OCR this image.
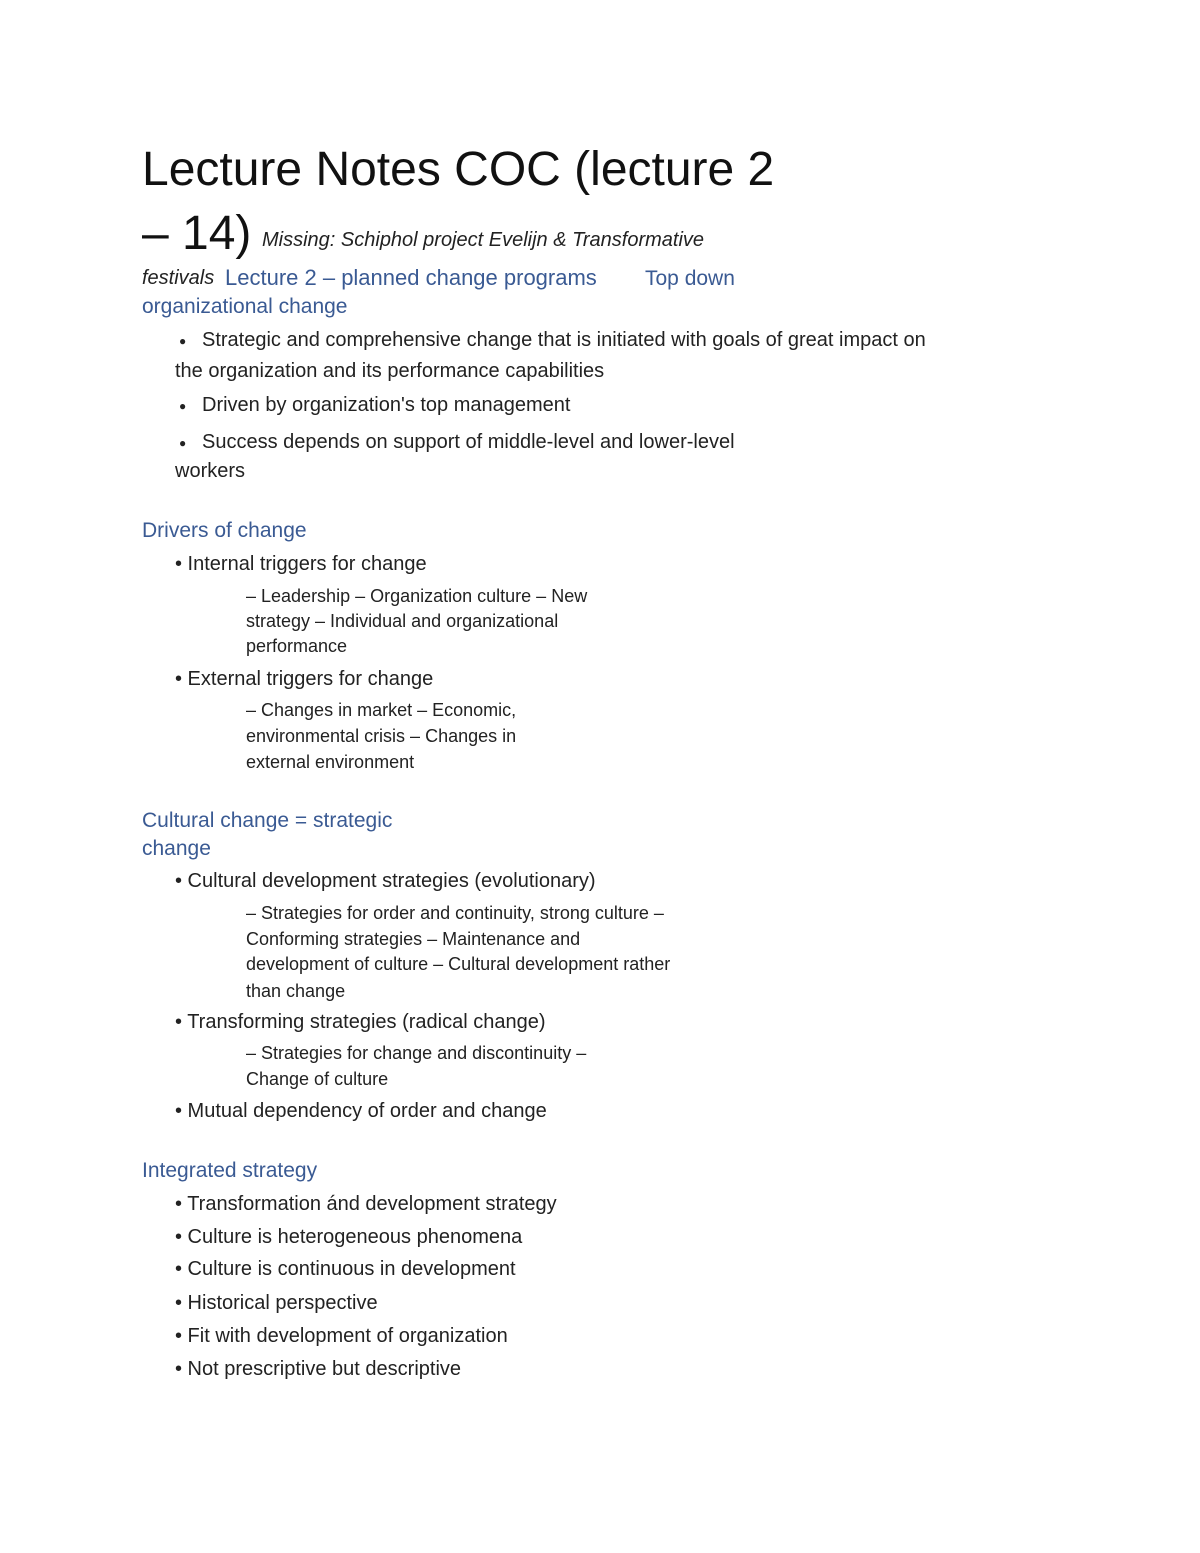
Lecture Notes COC (lecture 2
– 14) Missing: Schiphol project Evelijn & Transformative
festivals Lecture 2 – planned change programs Top down
organizational change
● Strategic and comprehensive change that is initiated with goals of great impact on
the organization and its performance capabilities
● Driven by organization's top management
● Success depends on support of middle-level and lower-level
workers
Drivers of change
• Internal triggers for change
– Leadership – Organization culture – New
strategy – Individual and organizational
performance
• External triggers for change
– Changes in market – Economic,
environmental crisis – Changes in
external environment
Cultural change = strategic
change
• Cultural development strategies (evolutionary)
– Strategies for order and continuity, strong culture –
Conforming strategies – Maintenance and
development of culture – Cultural development rather
than change
• Transforming strategies (radical change)
– Strategies for change and discontinuity –
Change of culture
• Mutual dependency of order and change
Integrated strategy
• Transformation ánd development strategy
• Culture is heterogeneous phenomena
• Culture is continuous in development
• Historical perspective
• Fit with development of organization
• Not prescriptive but descriptive
